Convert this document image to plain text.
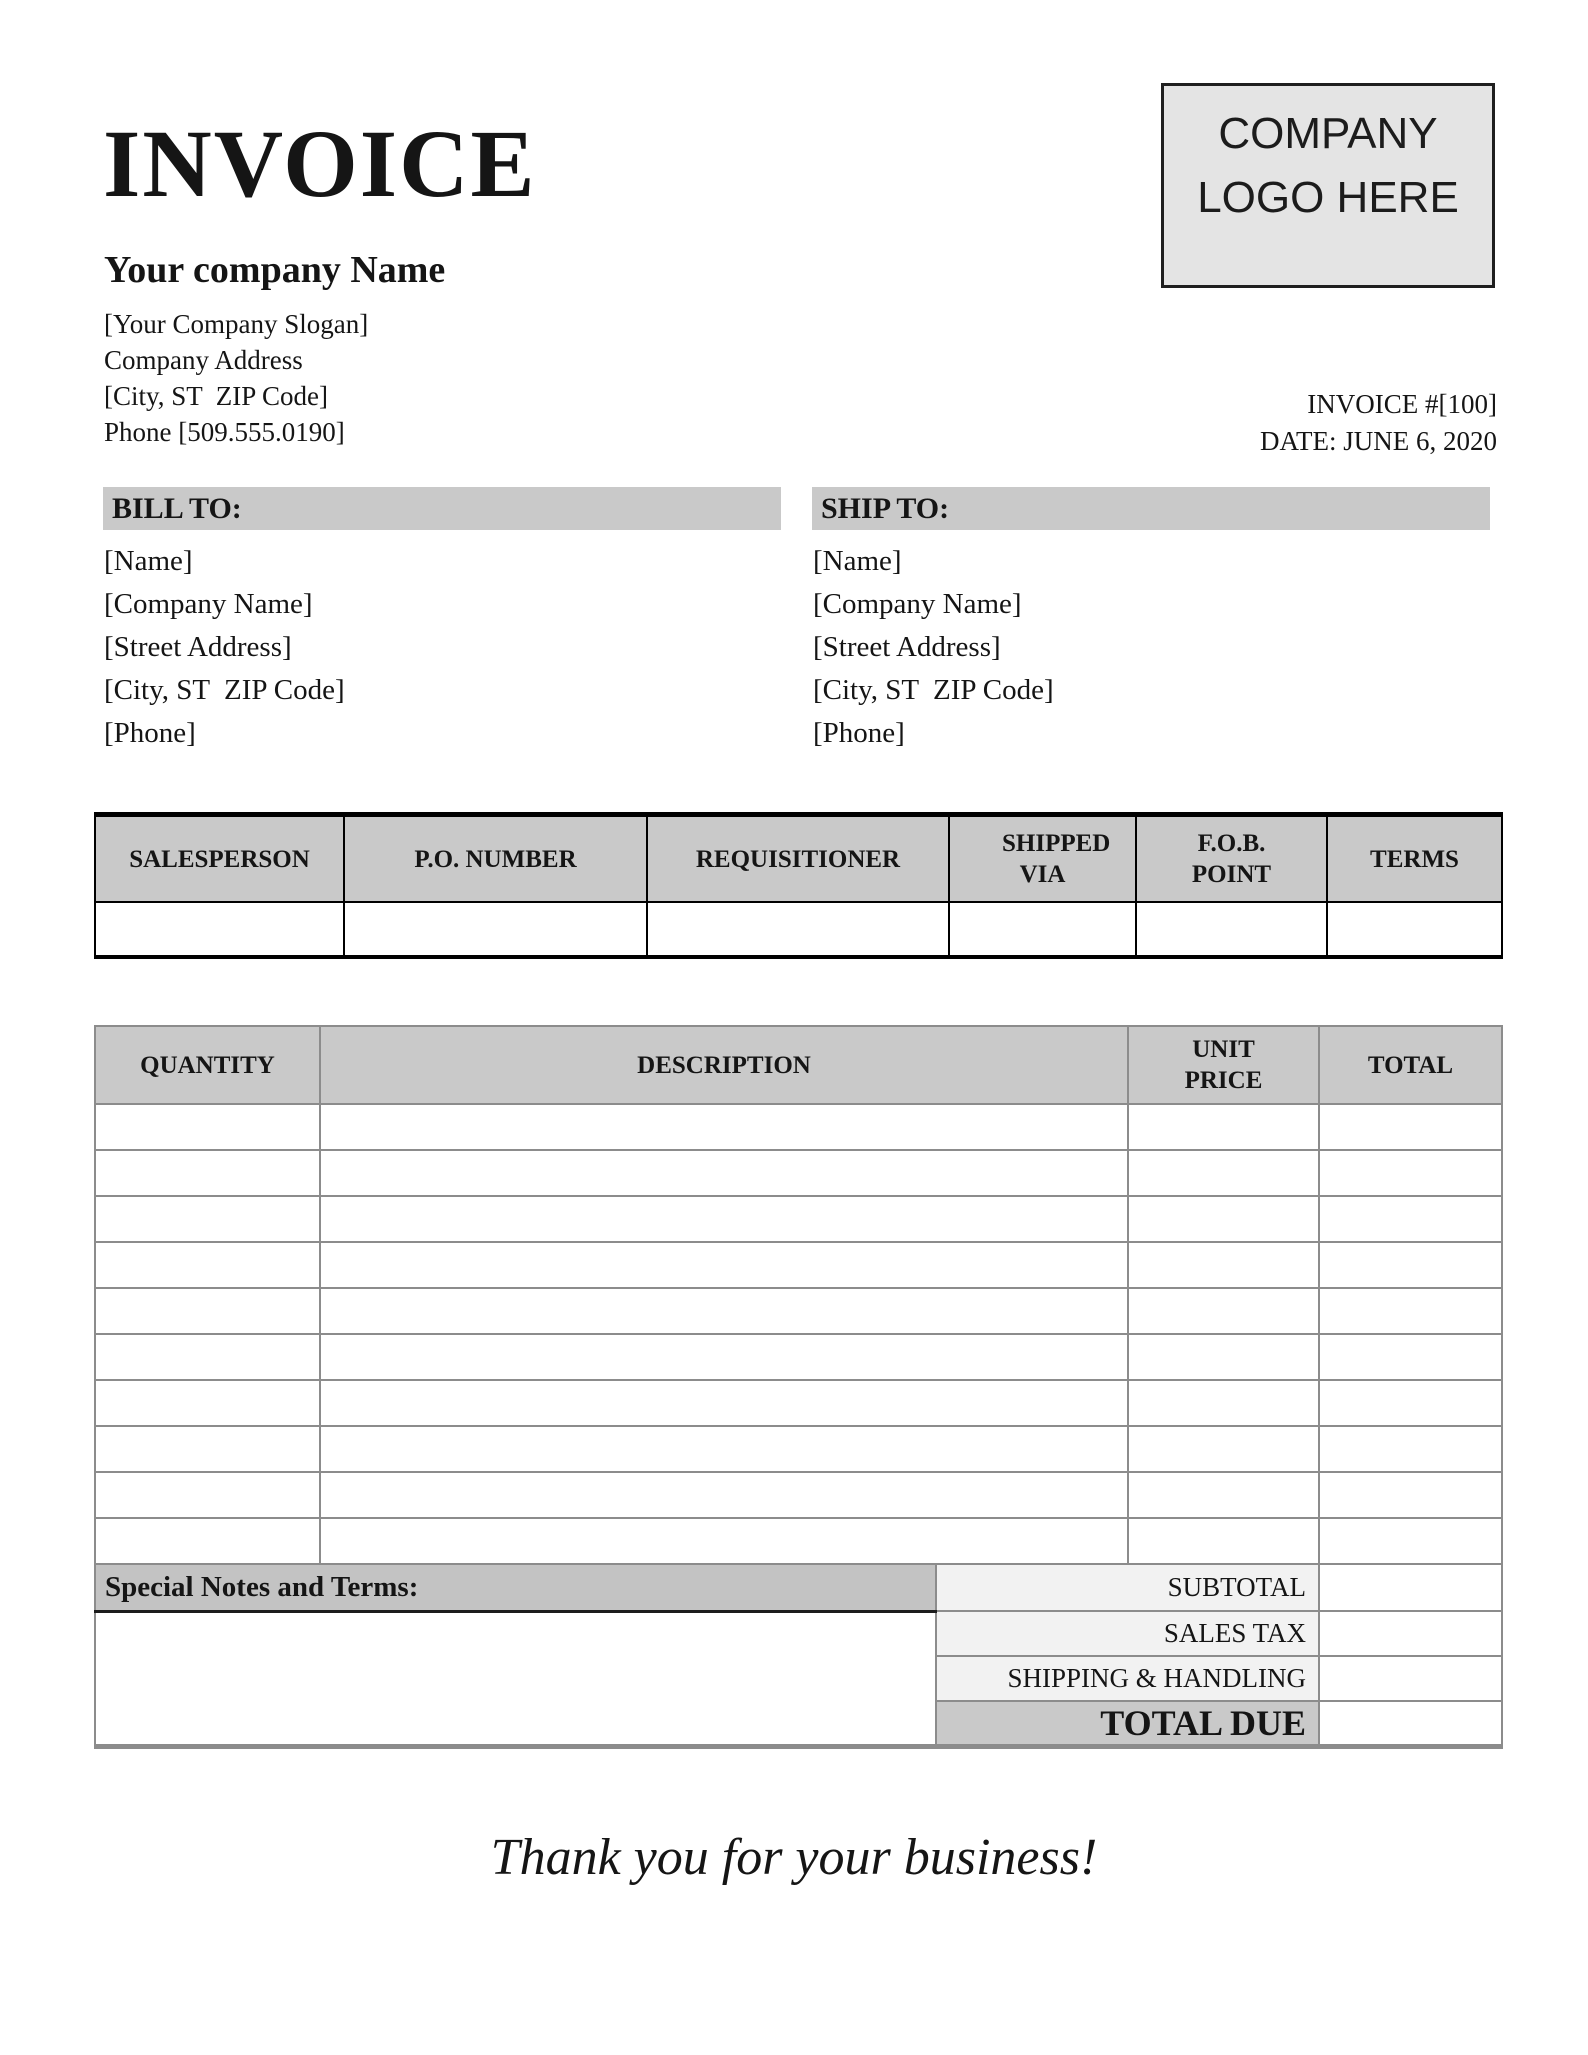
INVOICE	COMPANY
LOGO HERE
Your company Name
[Your Company Slogan]
Company Address
[City, ST  ZIP Code]
Phone [509.555.0190]
INVOICE #[100]
DATE: JUNE 6, 2020
BILL TO:	SHIP TO:
[Name]
[Company Name]
[Street Address]
[City, ST  ZIP Code]
[Phone]
[Name]
[Company Name]
[Street Address]
[City, ST  ZIP Code]
[Phone]
SALESPERSON	P.O. NUMBER	REQUISITIONER	SHIPPED VIA	F.O.B. POINT	TERMS

QUANTITY	DESCRIPTION	UNIT PRICE	TOTAL

Special Notes and Terms:	SUBTOTAL	
	SALES TAX	
	SHIPPING & HANDLING	
	TOTAL DUE	
Thank you for your business!
